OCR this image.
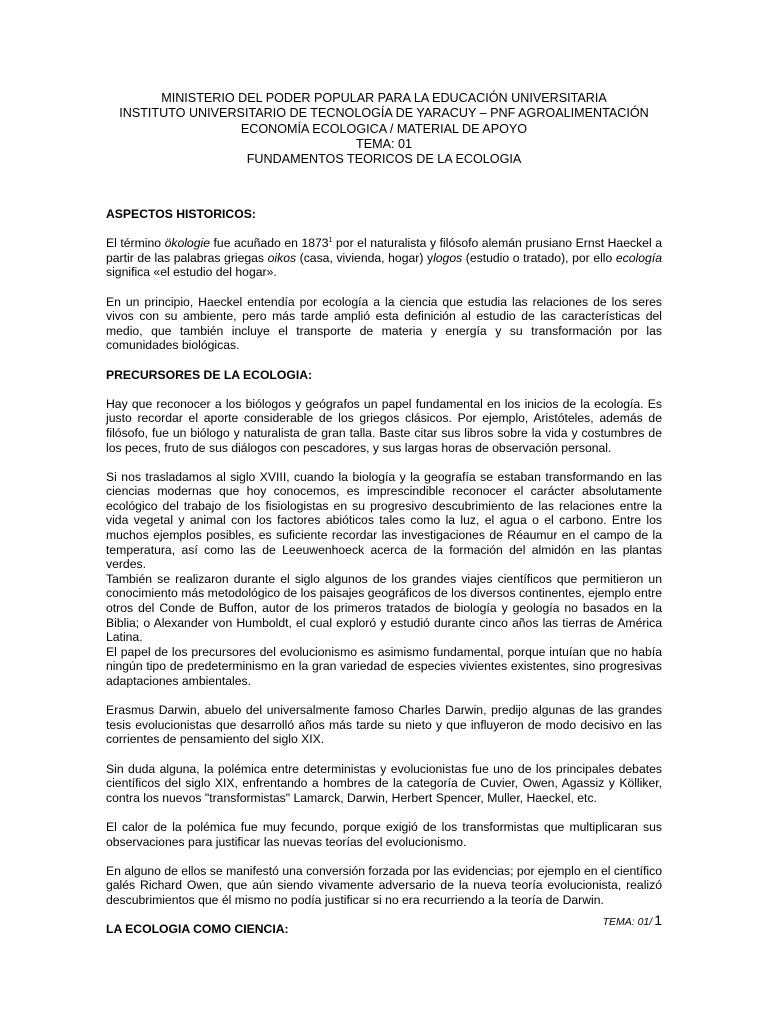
MINISTERIO DEL PODER POPULAR PARA LA EDUCACIÓN UNIVERSITARIA
INSTITUTO UNIVERSITARIO DE TECNOLOGÍA DE YARACUY – PNF AGROALIMENTACIÓN
ECONOMÍA ECOLOGICA / MATERIAL DE APOYO
TEMA: 01
FUNDAMENTOS TEORICOS DE LA ECOLOGIA
ASPECTOS HISTORICOS:

El término ökologie fue acuñado en 1873$^1$ por el naturalista y filósofo alemán prusiano Ernst Haeckel a partir de las palabras griegas oikos (casa, vivienda, hogar) ylogos (estudio o tratado), por ello ecología significa «el estudio del hogar».

En un principio, Haeckel entendía por ecología a la ciencia que estudia las relaciones de los seres vivos con su ambiente, pero más tarde amplió esta definición al estudio de las características del medio, que también incluye el transporte de materia y energía y su transformación por las comunidades biológicas.

PRECURSORES DE LA ECOLOGIA:

Hay que reconocer a los biólogos y geógrafos un papel fundamental en los inicios de la ecología. Es justo recordar el aporte considerable de los griegos clásicos. Por ejemplo, Aristóteles, además de filósofo, fue un biólogo y naturalista de gran talla. Baste citar sus libros sobre la vida y costumbres de los peces, fruto de sus diálogos con pescadores, y sus largas horas de observación personal.

Si nos trasladamos al siglo XVIII, cuando la biología y la geografía se estaban transformando en las ciencias modernas que hoy conocemos, es imprescindible reconocer el carácter absolutamente ecológico del trabajo de los fisiologistas en su progresivo descubrimiento de las relaciones entre la vida vegetal y animal con los factores abióticos tales como la luz, el agua o el carbono. Entre los muchos ejemplos posibles, es suficiente recordar las investigaciones de Réaumur en el campo de la temperatura, así como las de Leeuwenhoeck acerca de la formación del almidón en las plantas verdes.

También se realizaron durante el siglo algunos de los grandes viajes científicos que permitieron un conocimiento más metodológico de los paisajes geográficos de los diversos continentes, ejemplo entre otros del Conde de Buffon, autor de los primeros tratados de biología y geología no basados en la Biblia; o Alexander von Humboldt, el cual exploró y estudió durante cinco años las tierras de América Latina.

El papel de los precursores del evolucionismo es asimismo fundamental, porque intuían que no había ningún tipo de predeterminismo en la gran variedad de especies vivientes existentes, sino progresivas adaptaciones ambientales.

Erasmus Darwin, abuelo del universalmente famoso Charles Darwin, predijo algunas de las grandes tesis evolucionistas que desarrolló años más tarde su nieto y que influyeron de modo decisivo en las corrientes de pensamiento del siglo XIX.

Sin duda alguna, la polémica entre deterministas y evolucionistas fue uno de los principales debates científicos del siglo XIX, enfrentando a hombres de la categoría de Cuvier, Owen, Agassiz y Kölliker, contra los nuevos "transformistas" Lamarck, Darwin, Herbert Spencer, Muller, Haeckel, etc.

El calor de la polémica fue muy fecundo, porque exigió de los transformistas que multiplicaran sus observaciones para justificar las nuevas teorías del evolucionismo.

En alguno de ellos se manifestó una conversión forzada por las evidencias; por ejemplo en el científico galés Richard Owen, que aún siendo vivamente adversario de la nueva teoría evolucionista, realizó descubrimientos que él mismo no podía justificar si no era recurriendo a la teoría de Darwin.

LA ECOLOGIA COMO CIENCIA:
TEMA: 01/ 1
